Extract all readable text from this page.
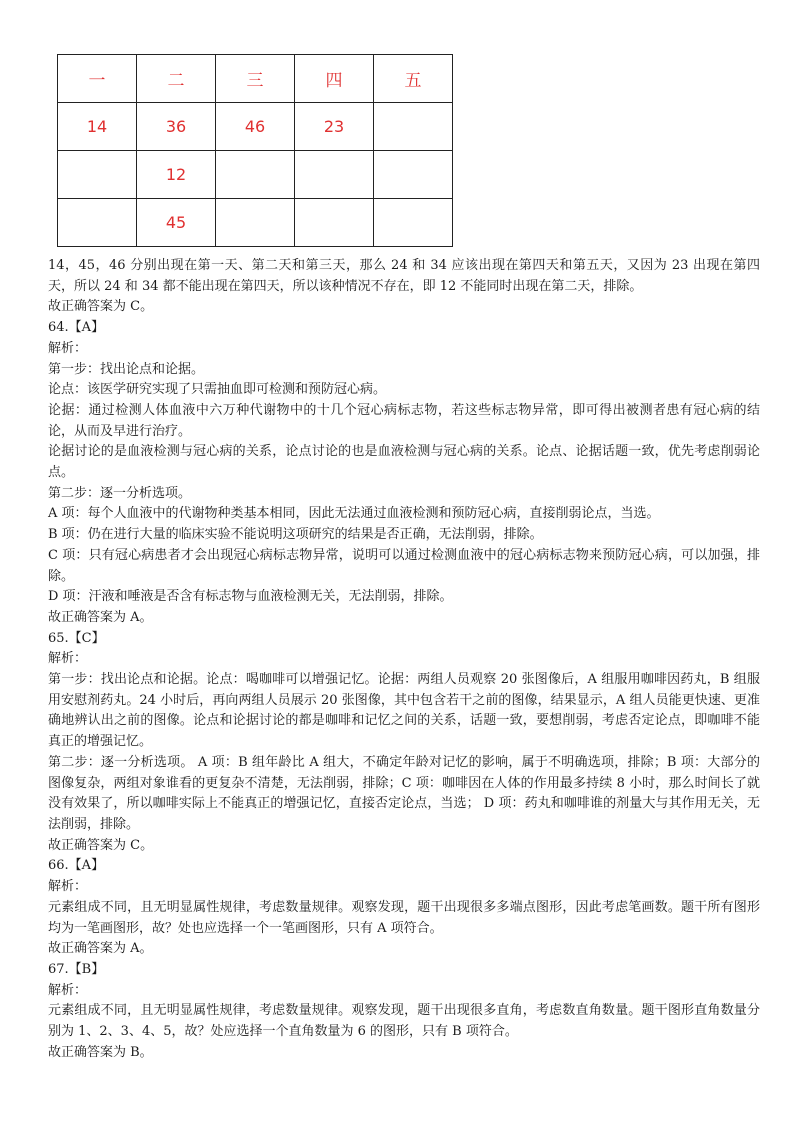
一	二	三	四	五
14	36	46	23	
	12			
	45			

14，45，46 分别出现在第一天、第二天和第三天，那么 24 和 34 应该出现在第四天和第五天，又因为 23 出现在第四天，所以 24 和 34 都不能出现在第四天，所以该种情况不存在，即 12 不能同时出现在第二天，排除。

故正确答案为 C。

64.【A】

解析：

第一步：找出论点和论据。

论点：该医学研究实现了只需抽血即可检测和预防冠心病。

论据：通过检测人体血液中六万种代谢物中的十几个冠心病标志物，若这些标志物异常，即可得出被测者患有冠心病的结论，从而及早进行治疗。

论据讨论的是血液检测与冠心病的关系，论点讨论的也是血液检测与冠心病的关系。论点、论据话题一致，优先考虑削弱论点。

第二步：逐一分析选项。

A 项：每个人血液中的代谢物种类基本相同，因此无法通过血液检测和预防冠心病，直接削弱论点，当选。

B 项：仍在进行大量的临床实验不能说明这项研究的结果是否正确，无法削弱，排除。

C 项：只有冠心病患者才会出现冠心病标志物异常，说明可以通过检测血液中的冠心病标志物来预防冠心病，可以加强，排除。

D 项：汗液和唾液是否含有标志物与血液检测无关，无法削弱，排除。

故正确答案为 A。

65.【C】

解析：

第一步：找出论点和论据。论点：喝咖啡可以增强记忆。论据：两组人员观察 20 张图像后，A 组服用咖啡因药丸，B 组服用安慰剂药丸。24 小时后，再向两组人员展示 20 张图像，其中包含若干之前的图像，结果显示，A 组人员能更快速、更准确地辨认出之前的图像。论点和论据讨论的都是咖啡和记忆之间的关系，话题一致，要想削弱，考虑否定论点，即咖啡不能真正的增强记忆。

第二步：逐一分析选项。 A 项：B 组年龄比 A 组大，不确定年龄对记忆的影响，属于不明确选项，排除；B 项：大部分的图像复杂，两组对象谁看的更复杂不清楚，无法削弱，排除；C 项：咖啡因在人体的作用最多持续 8 小时，那么时间长了就没有效果了，所以咖啡实际上不能真正的增强记忆，直接否定论点，当选； D 项：药丸和咖啡谁的剂量大与其作用无关，无法削弱，排除。

故正确答案为 C。

66.【A】

解析：

元素组成不同，且无明显属性规律，考虑数量规律。观察发现，题干出现很多多端点图形，因此考虑笔画数。题干所有图形均为一笔画图形，故？处也应选择一个一笔画图形，只有 A 项符合。

故正确答案为 A。

67.【B】

解析：

元素组成不同，且无明显属性规律，考虑数量规律。观察发现，题干出现很多直角，考虑数直角数量。题干图形直角数量分别为 1、2、3、4、5，故？处应选择一个直角数量为 6 的图形，只有 B 项符合。

故正确答案为 B。
